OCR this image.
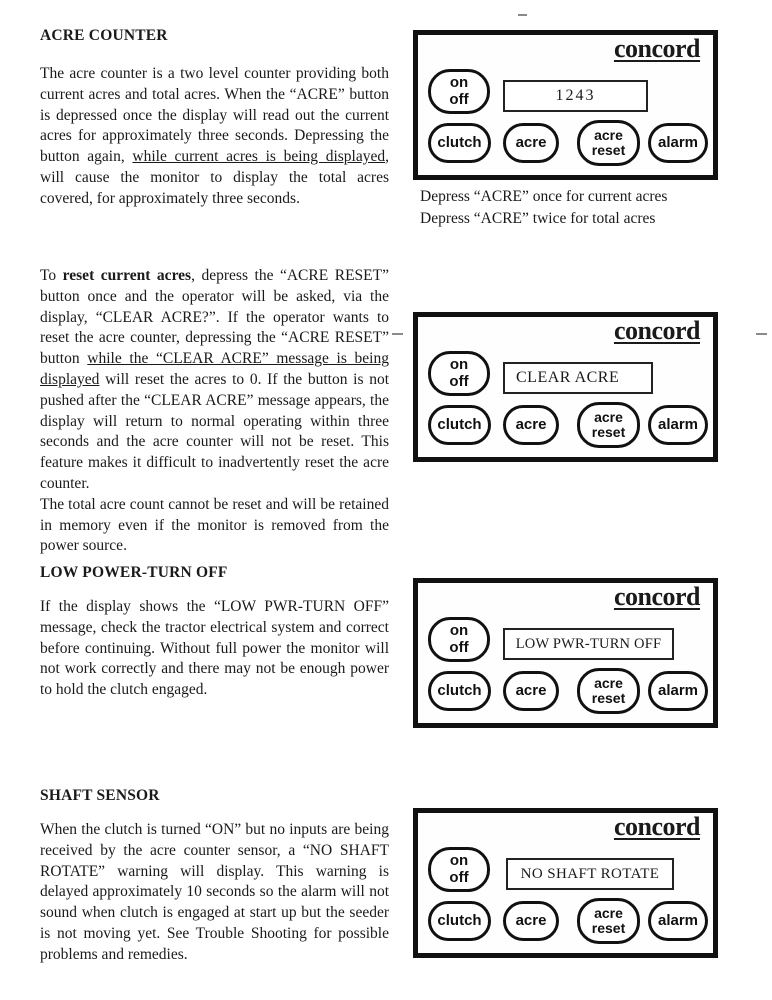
ACRE COUNTER
The acre counter is a two level counter providing both current acres and total acres. When the “ACRE” button is depressed once the display will read out the current acres for approximately three seconds. Depressing the button again, while current acres is being displayed, will cause the monitor to display the total acres covered, for approximately three seconds.

To reset current acres, depress the “ACRE RESET” button once and the operator will be asked, via the display, “CLEAR ACRE?”. If the operator wants to reset the acre counter, depressing the “ACRE RESET” button while the “CLEAR ACRE” message is being displayed will reset the acres to 0. If the button is not pushed after the “CLEAR ACRE” message appears, the display will return to normal operating within three seconds and the acre counter will not be reset. This feature makes it difficult to inadvertently reset the acre counter.

The total acre count cannot be reset and will be retained in memory even if the monitor is removed from the power source.

LOW POWER-TURN OFF
If the display shows the “LOW PWR-TURN OFF” message, check the tractor electrical system and correct before continuing. Without full power the monitor will not work correctly and there may not be enough power to hold the clutch engaged.
SHAFT SENSOR
When the clutch is turned “ON” but no inputs are being received by the acre counter sensor, a “NO SHAFT ROTATE” warning will display. This warning is delayed approximately 10 seconds so the alarm will not sound when clutch is engaged at start up but the seeder is not moving yet. See Trouble Shooting for possible problems and remedies.
concord
on
off	1243
clutch	acre	acre
reset	alarm
Depress “ACRE” once for current acres
Depress “ACRE” twice for total acres
concord
on
off	CLEAR ACRE
clutch	acre	acre
reset	alarm
concord
on
off	LOW PWR-TURN OFF
clutch	acre	acre
reset	alarm
concord
on
off	NO SHAFT ROTATE
clutch	acre	acre
reset	alarm
